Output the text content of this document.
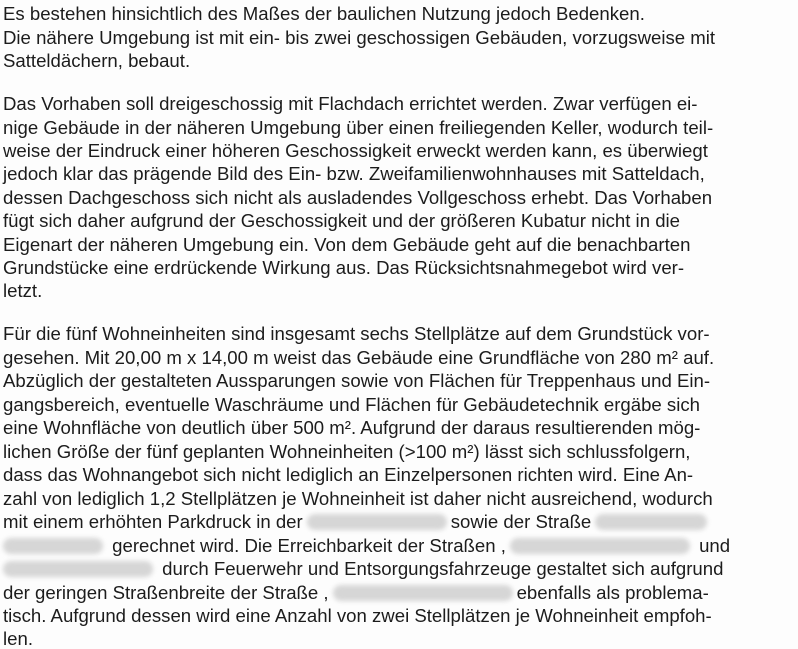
Es bestehen hinsichtlich des Maßes der baulichen Nutzung jedoch Bedenken.
Die nähere Umgebung ist mit ein- bis zwei geschossigen Gebäuden, vorzugsweise mit
Satteldächern, bebaut.
Das Vorhaben soll dreigeschossig mit Flachdach errichtet werden. Zwar verfügen ei-
nige Gebäude in der näheren Umgebung über einen freiliegenden Keller, wodurch teil-
weise der Eindruck einer höheren Geschossigkeit erweckt werden kann, es überwiegt
jedoch klar das prägende Bild des Ein- bzw. Zweifamilienwohnhauses mit Satteldach,
dessen Dachgeschoss sich nicht als ausladendes Vollgeschoss erhebt. Das Vorhaben
fügt sich daher aufgrund der Geschossigkeit und der größeren Kubatur nicht in die
Eigenart der näheren Umgebung ein. Von dem Gebäude geht auf die benachbarten
Grundstücke eine erdrückende Wirkung aus. Das Rücksichtsnahmegebot wird ver-
letzt.
Für die fünf Wohneinheiten sind insgesamt sechs Stellplätze auf dem Grundstück vor-
gesehen. Mit 20,00 m x 14,00 m weist das Gebäude eine Grundfläche von 280 m² auf.
Abzüglich der gestalteten Aussparungen sowie von Flächen für Treppenhaus und Ein-
gangsbereich, eventuelle Waschräume und Flächen für Gebäudetechnik ergäbe sich
eine Wohnfläche von deutlich über 500 m². Aufgrund der daraus resultierenden mög-
lichen Größe der fünf geplanten Wohneinheiten (>100 m²) lässt sich schlussfolgern,
dass das Wohnangebot sich nicht lediglich an Einzelpersonen richten wird. Eine An-
zahl von lediglich 1,2 Stellplätzen je Wohneinheit ist daher nicht ausreichend, wodurch
mit einem erhöhten Parkdruck in der	sowie der Straße
gerechnet wird. Die Erreichbarkeit der Straßen ,	und
durch Feuerwehr und Entsorgungsfahrzeuge gestaltet sich aufgrund
der geringen Straßenbreite der Straße ,	ebenfalls als problema-
tisch. Aufgrund dessen wird eine Anzahl von zwei Stellplätzen je Wohneinheit empfoh-
len.
